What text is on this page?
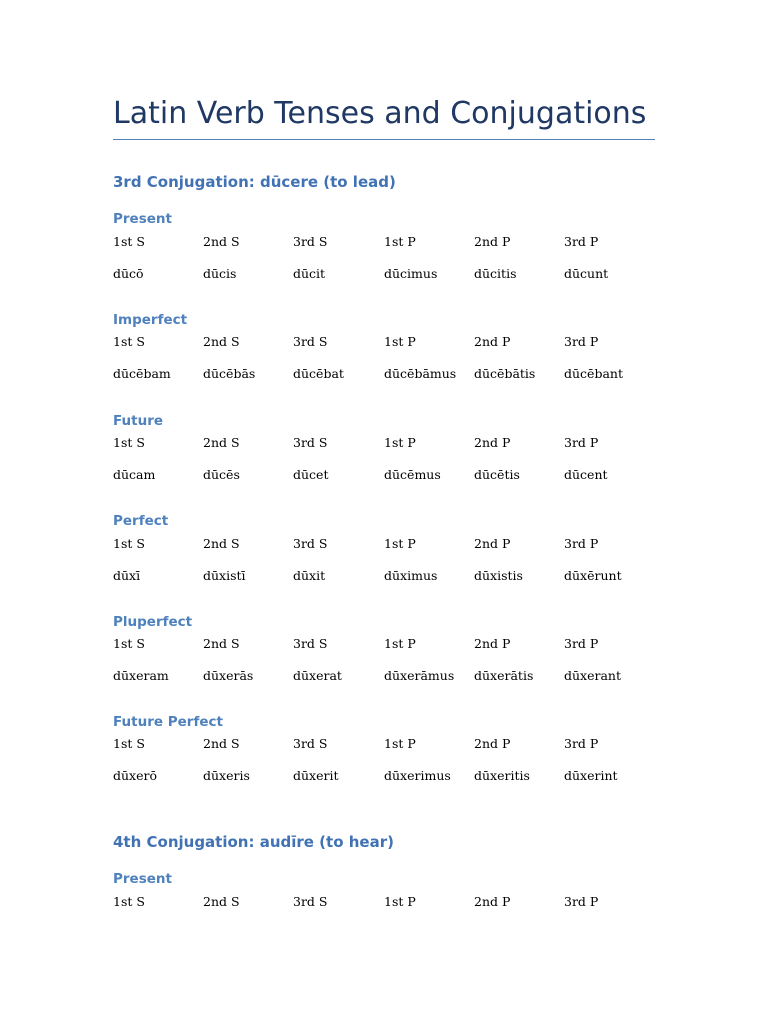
Latin Verb Tenses and Conjugations
3rd Conjugation: dūcere (to lead)
Present
1st S	2nd S	3rd S	1st P	2nd P	3rd P
dūcō	dūcis	dūcit	dūcimus	dūcitis	dūcunt
Imperfect
1st S	2nd S	3rd S	1st P	2nd P	3rd P
dūcēbam	dūcēbās	dūcēbat	dūcēbāmus dūcēbātis dūcēbant
Future
1st S	2nd S	3rd S	1st P	2nd P	3rd P
dūcam	dūcēs	dūcet	dūcēmus	dūcētis	dūcent
Perfect
1st S	2nd S	3rd S	1st P	2nd P	3rd P
dūxī	dūxistī	dūxit	dūximus	dūxistis	dūxērunt
Pluperfect
1st S	2nd S	3rd S	1st P	2nd P	3rd P
dūxeram	dūxerās	dūxerat	dūxerāmus dūxerātis dūxerant
Future Perfect
1st S	2nd S	3rd S	1st P	2nd P	3rd P
dūxerō	dūxeris	dūxerit	dūxerimus dūxeritis	dūxerint
4th Conjugation: audīre (to hear)
Present
1st S	2nd S	3rd S	1st P	2nd P	3rd P
